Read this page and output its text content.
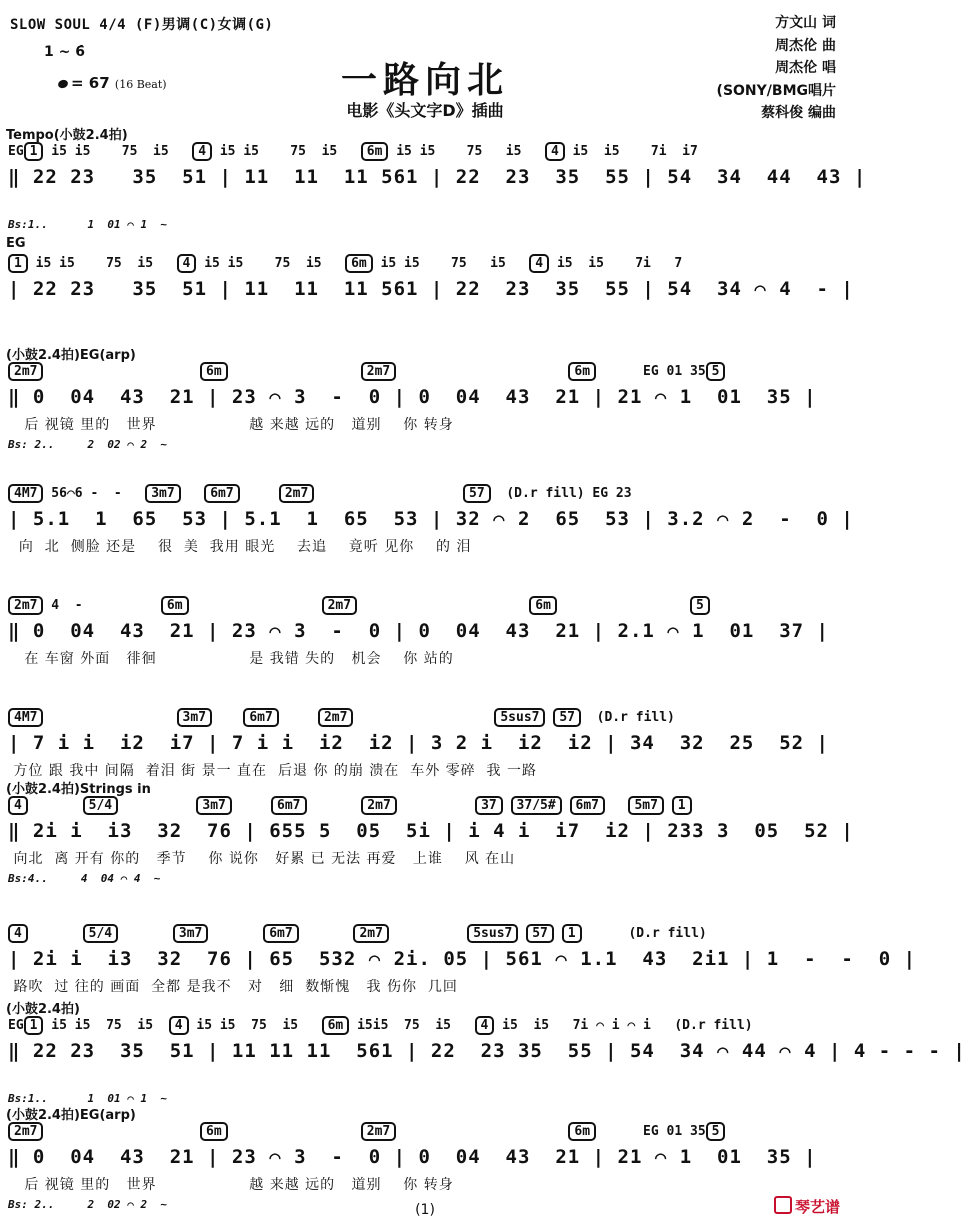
SLOW SOUL 4/4 (F)男调(C)女调(G)
1 ~ 6̇
= 67 (16 Beat)	一路向北
电影《头文字D》插曲
方文山 词
周杰伦 曲
周杰伦 唱
(SONY/BMG唱片
蔡科俊 编曲
Tempo(小鼓2.4拍)
EG 1 i5 i5    75  i5   4 i5 i5    75  i5   6m i5 i5    75   i5   4 i5  i5    7i  i7
‖ 22 23   35  51 | 11  11  11 561 | 22  23  35  55 | 54  34  44  43 |
Bs:1..      1  01 ⌒ 1  ~
EG
1 i5 i5    75  i5   4 i5 i5    75  i5   6m i5 i5    75   i5   4 i5  i5    7i   7
| 22 23   35  51 | 11  11  11 561 | 22  23  35  55 | 54  34 ⌒ 4  - |
(小鼓2.4拍)EG(arp)
2m7	6m	2m7	6m      EG 01 35 5
‖ 0  04  43  21 | 23 ⌒ 3  -  0 | 0  04  43  21 | 21 ⌒ 1  01  35 |
后 视镜 里的   世界                 越 来越 远的   道别    你 转身
Bs: 2..     2  02 ⌒ 2  ~
4M7 56⌒6 -  -   3m7	6m7	2m7	57  (D.r fill) EG 23
| 5.1  1  65  53 | 5.1  1  65  53 | 32 ⌒ 2  65  53 | 3.2 ⌒ 2  -  0 |
向  北  侧脸 还是    很  美  我用 眼光    去追    竟听 见你    的 泪
2m7 4  -          6m	2m7	6m	5
‖ 0  04  43  21 | 23 ⌒ 3  -  0 | 0  04  43  21 | 2.1 ⌒ 1  01  37 |
在 车窗 外面   徘徊                 是 我错 失的   机会    你 站的
4M7	3m7	6m7	2m7	5sus7 57  (D.r fill)
| 7 i i  i2  i7 | 7 i i  i2  i2 | 3 2 i  i2  i2 | 34  32  25  52 |
方位 跟 我中 间隔  着泪 街 景一 直在  后退 你 的崩 溃在  车外 零碎  我 一路
(小鼓2.4拍)Strings in
4	5/4	3m7	6m7	2m7	37 37/5# 6m7	5m7 1
‖ 2i i  i3  32  76 | 655 5  05  5i | i 4 i  i7  i2 | 233 3  05  52 |
向北  离 开有 你的   季节    你 说你   好累 已 无法 再爱   上谁    风 在山
Bs:4..     4  04 ⌒ 4  ~
4	5/4	3m7	6m7	2m7	5sus7 57 1      (D.r fill)
| 2i i  i3  32  76 | 65  532 ⌒ 2i. 05 | 561 ⌒ 1.1  43  2i1 | 1  -  -  0 |
路吹  过 往的 画面  全都 是我不   对   细  数惭愧   我 伤你  几回
(小鼓2.4拍)
EG 1 i5 i5  75  i5  4 i5 i5  75  i5   6m i5i5  75  i5   4 i5  i5   7i ⌒ i ⌒ i   (D.r fill)
‖ 22 23  35  51 | 11 11 11  561 | 22  23 35  55 | 54  34 ⌒ 44 ⌒ 4 | 4 - - - |
Bs:1..      1  01 ⌒ 1  ~
(小鼓2.4拍)EG(arp)
2m7	6m	2m7	6m      EG 01 35 5
‖ 0  04  43  21 | 23 ⌒ 3  -  0 | 0  04  43  21 | 21 ⌒ 1  01  35 |
后 视镜 里的   世界                 越 来越 远的   道别    你 转身
Bs: 2..     2  02 ⌒ 2  ~	(1)	琴艺谱
